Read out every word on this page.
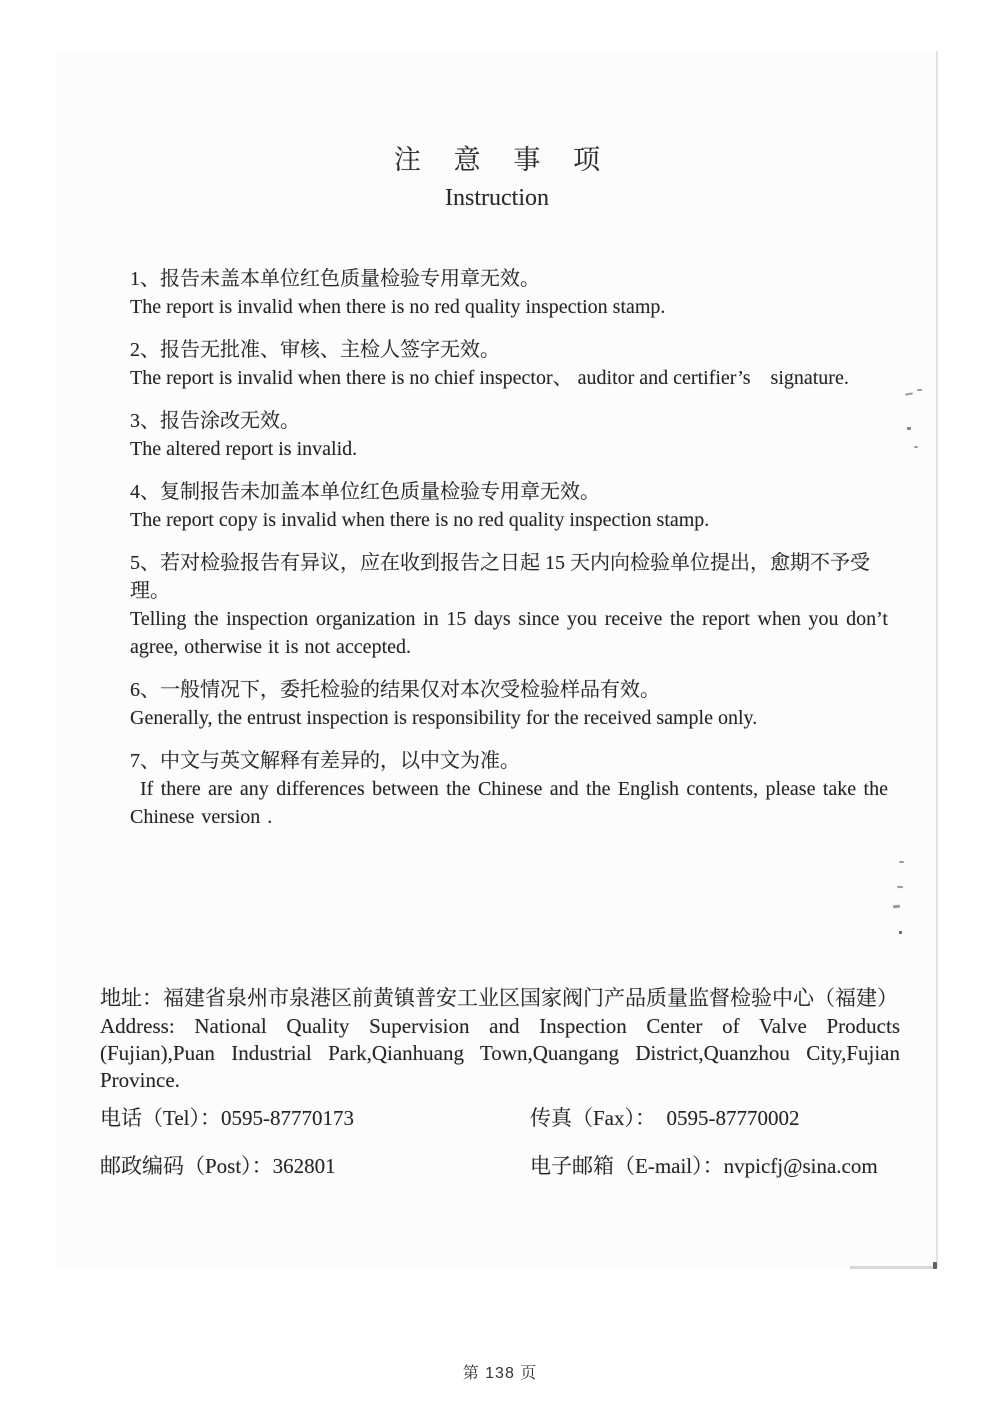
注 意 事 项
Instruction
1、报告未盖本单位红色质量检验专用章无效。
The report is invalid when there is no red quality inspection stamp.
2、报告无批准、审核、主检人签字无效。
The report is invalid when there is no chief inspector、 auditor and certifier’s    signature.
3、报告涂改无效。
The altered report is invalid.
4、复制报告未加盖本单位红色质量检验专用章无效。
The report copy is invalid when there is no red quality inspection stamp.
5、若对检验报告有异议，应在收到报告之日起 15 天内向检验单位提出，愈期不予受理。
Telling the inspection organization in 15 days since you receive the report when you don’t agree, otherwise it is not accepted.
6、一般情况下，委托检验的结果仅对本次受检验样品有效。
Generally, the entrust inspection is responsibility for the received sample only.
7、中文与英文解释有差异的，以中文为准。
If there are any differences between the Chinese and the English contents, please take the Chinese version .
地址：福建省泉州市泉港区前黄镇普安工业区国家阀门产品质量监督检验中心（福建）
Address: National Quality Supervision and Inspection Center of Valve Products (Fujian),Puan Industrial Park,Qianhuang Town,Quangang District,Quanzhou City,Fujian Province.
电话（Tel）：0595-87770173	传真（Fax）：  0595-87770002
邮政编码（Post）：362801	电子邮箱（E-mail）：nvpicfj@sina.com
第 138 页
